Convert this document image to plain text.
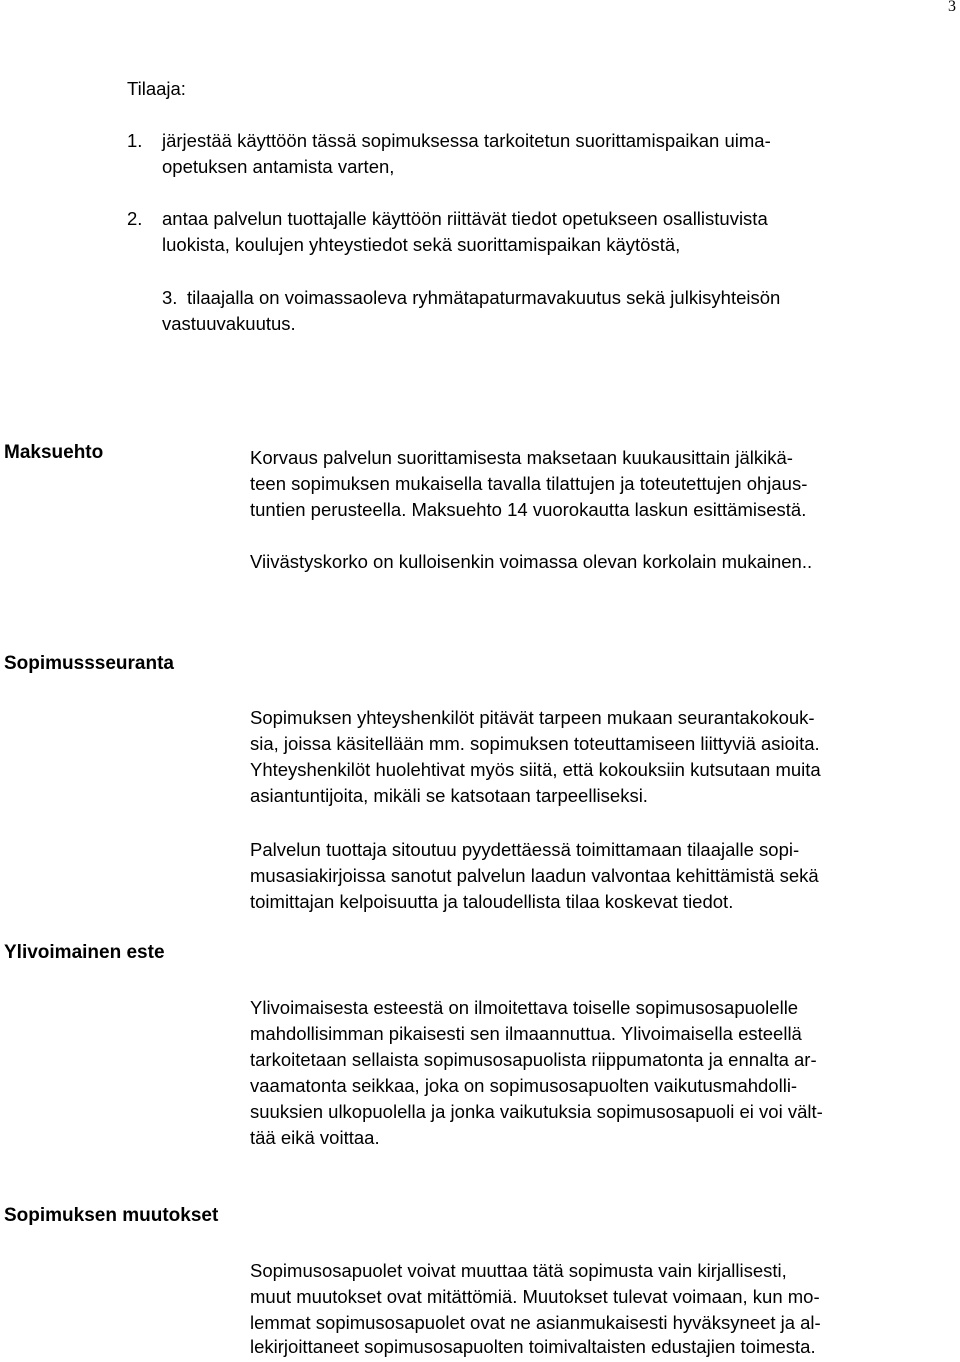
3
Tilaaja:
1. järjestää käyttöön tässä sopimuksessa tarkoitetun suorittamispaikan uima-
opetuksen antamista varten,
2. antaa palvelun tuottajalle käyttöön riittävät tiedot opetukseen osallistuvista
luokista, koulujen yhteystiedot sekä suorittamispaikan käytöstä,
3. tilaajalla on voimassaoleva ryhmätapaturmavakuutus sekä julkisyhteisön
vastuuvakuutus.
Maksuehto	Korvaus palvelun suorittamisesta maksetaan kuukausittain jälkikä-
teen sopimuksen mukaisella tavalla tilattujen ja toteutettujen ohjaus-
tuntien perusteella. Maksuehto 14 vuorokautta laskun esittämisestä.
Viivästyskorko on kulloisenkin voimassa olevan korkolain mukainen..
Sopimussseuranta
Sopimuksen yhteyshenkilöt pitävät tarpeen mukaan seurantakokouk-
sia, joissa käsitellään mm. sopimuksen toteuttamiseen liittyviä asioita.
Yhteyshenkilöt huolehtivat myös siitä, että kokouksiin kutsutaan muita
asiantuntijoita, mikäli se katsotaan tarpeelliseksi.
Palvelun tuottaja sitoutuu pyydettäessä toimittamaan tilaajalle sopi-
musasiakirjoissa sanotut palvelun laadun valvontaa kehittämistä sekä
toimittajan kelpoisuutta ja taloudellista tilaa koskevat tiedot.
Ylivoimainen este
Ylivoimaisesta esteestä on ilmoitettava toiselle sopimusosapuolelle
mahdollisimman pikaisesti sen ilmaannuttua. Ylivoimaisella esteellä
tarkoitetaan sellaista sopimusosapuolista riippumatonta ja ennalta ar-
vaamatonta seikkaa, joka on sopimusosapuolten vaikutusmahdolli-
suuksien ulkopuolella ja jonka vaikutuksia sopimusosapuoli ei voi vält-
tää eikä voittaa.
Sopimuksen muutokset
Sopimusosapuolet voivat muuttaa tätä sopimusta vain kirjallisesti,
muut muutokset ovat mitättömiä. Muutokset tulevat voimaan, kun mo-
lemmat sopimusosapuolet ovat ne asianmukaisesti hyväksyneet ja al-
lekirjoittaneet sopimusosapuolten toimivaltaisten edustajien toimesta.
